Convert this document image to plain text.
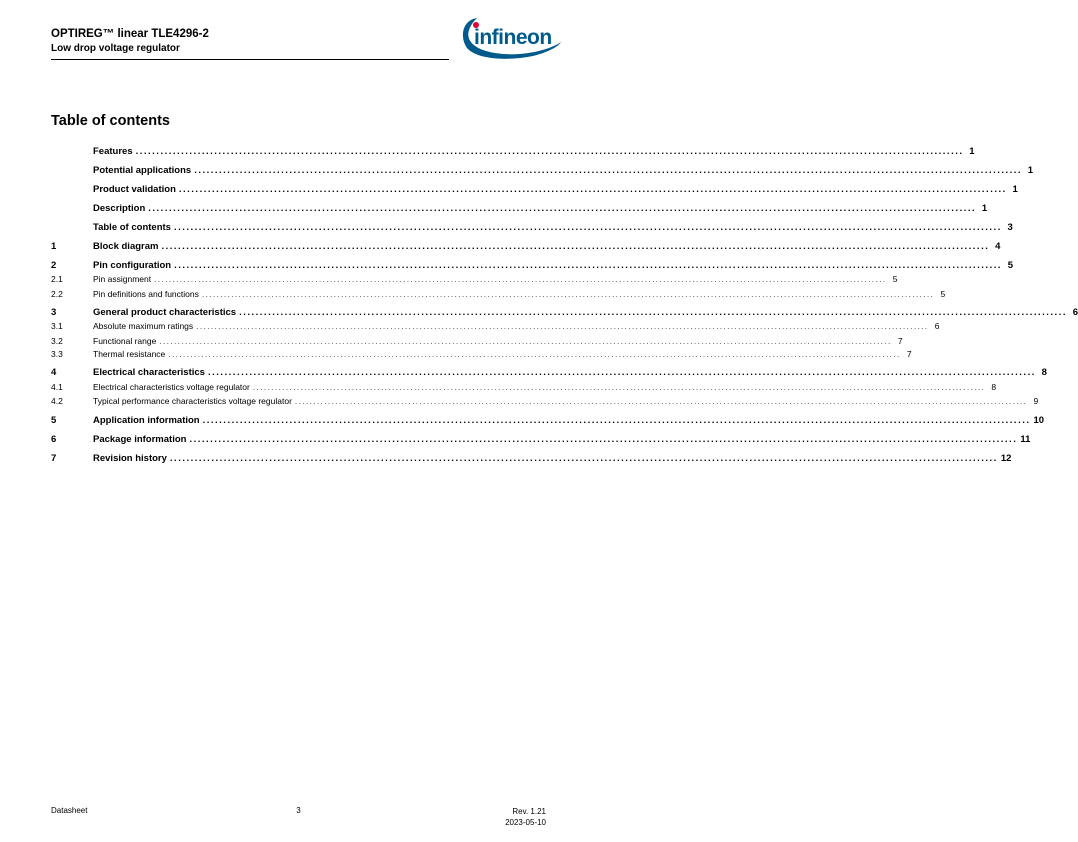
OPTIREG™ linear TLE4296-2
Low drop voltage regulator	infineon
Table of contents
Features ........................................................................................................................................................................................................ 1
Potential applications ........................................................................................................................................................................................................ 1
Product validation ........................................................................................................................................................................................................ 1
Description ........................................................................................................................................................................................................ 1
Table of contents ........................................................................................................................................................................................................ 3
1	Block diagram ........................................................................................................................................................................................................ 4
2	Pin configuration ........................................................................................................................................................................................................ 5
2.1	Pin assignment ........................................................................................................................................................................................................ 5
2.2	Pin definitions and functions ........................................................................................................................................................................................................ 5
3	General product characteristics ........................................................................................................................................................................................................ 6
3.1	Absolute maximum ratings ........................................................................................................................................................................................................ 6
3.2	Functional range ........................................................................................................................................................................................................ 7
3.3	Thermal resistance ........................................................................................................................................................................................................ 7
4	Electrical characteristics ........................................................................................................................................................................................................ 8
4.1	Electrical characteristics voltage regulator ........................................................................................................................................................................................................ 8
4.2	Typical performance characteristics voltage regulator ........................................................................................................................................................................................................ 9
5	Application information ........................................................................................................................................................................................................ 10
6	Package information ........................................................................................................................................................................................................ 11
7	Revision history ........................................................................................................................................................................................................ 12
Datasheet	3	Rev. 1.21
2023-05-10
